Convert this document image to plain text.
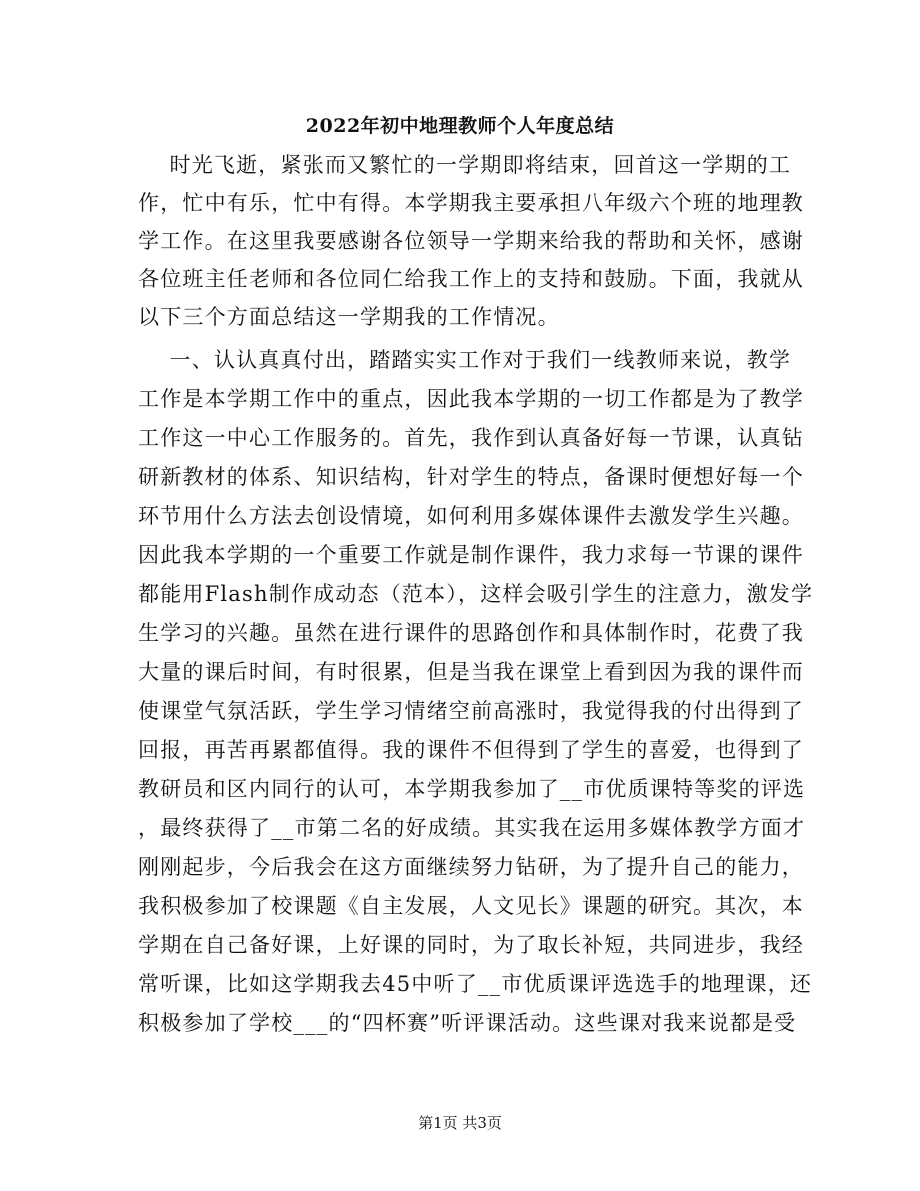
2022年初中地理教师个人年度总结
时光飞逝，紧张而又繁忙的一学期即将结束，回首这一学期的工
作，忙中有乐，忙中有得。本学期我主要承担八年级六个班的地理教
学工作。在这里我要感谢各位领导一学期来给我的帮助和关怀，感谢
各位班主任老师和各位同仁给我工作上的支持和鼓励。下面，我就从
以下三个方面总结这一学期我的工作情况。
一、认认真真付出，踏踏实实工作对于我们一线教师来说，教学
工作是本学期工作中的重点，因此我本学期的一切工作都是为了教学
工作这一中心工作服务的。首先，我作到认真备好每一节课，认真钻
研新教材的体系、知识结构，针对学生的特点，备课时便想好每一个
环节用什么方法去创设情境，如何利用多媒体课件去激发学生兴趣。
因此我本学期的一个重要工作就是制作课件，我力求每一节课的课件
都能用Flash制作成动态（范本），这样会吸引学生的注意力，激发学
生学习的兴趣。虽然在进行课件的思路创作和具体制作时，花费了我
大量的课后时间，有时很累，但是当我在课堂上看到因为我的课件而
使课堂气氛活跃，学生学习情绪空前高涨时，我觉得我的付出得到了
回报，再苦再累都值得。我的课件不但得到了学生的喜爱，也得到了
教研员和区内同行的认可，本学期我参加了__市优质课特等奖的评选
，最终获得了__市第二名的好成绩。其实我在运用多媒体教学方面才
刚刚起步，今后我会在这方面继续努力钻研，为了提升自己的能力，
我积极参加了校课题《自主发展，人文见长》课题的研究。其次，本
学期在自己备好课，上好课的同时，为了取长补短，共同进步，我经
常听课，比如这学期我去45中听了__市优质课评选选手的地理课，还
积极参加了学校___的“四杯赛”听评课活动。这些课对我来说都是受
第1页 共3页
